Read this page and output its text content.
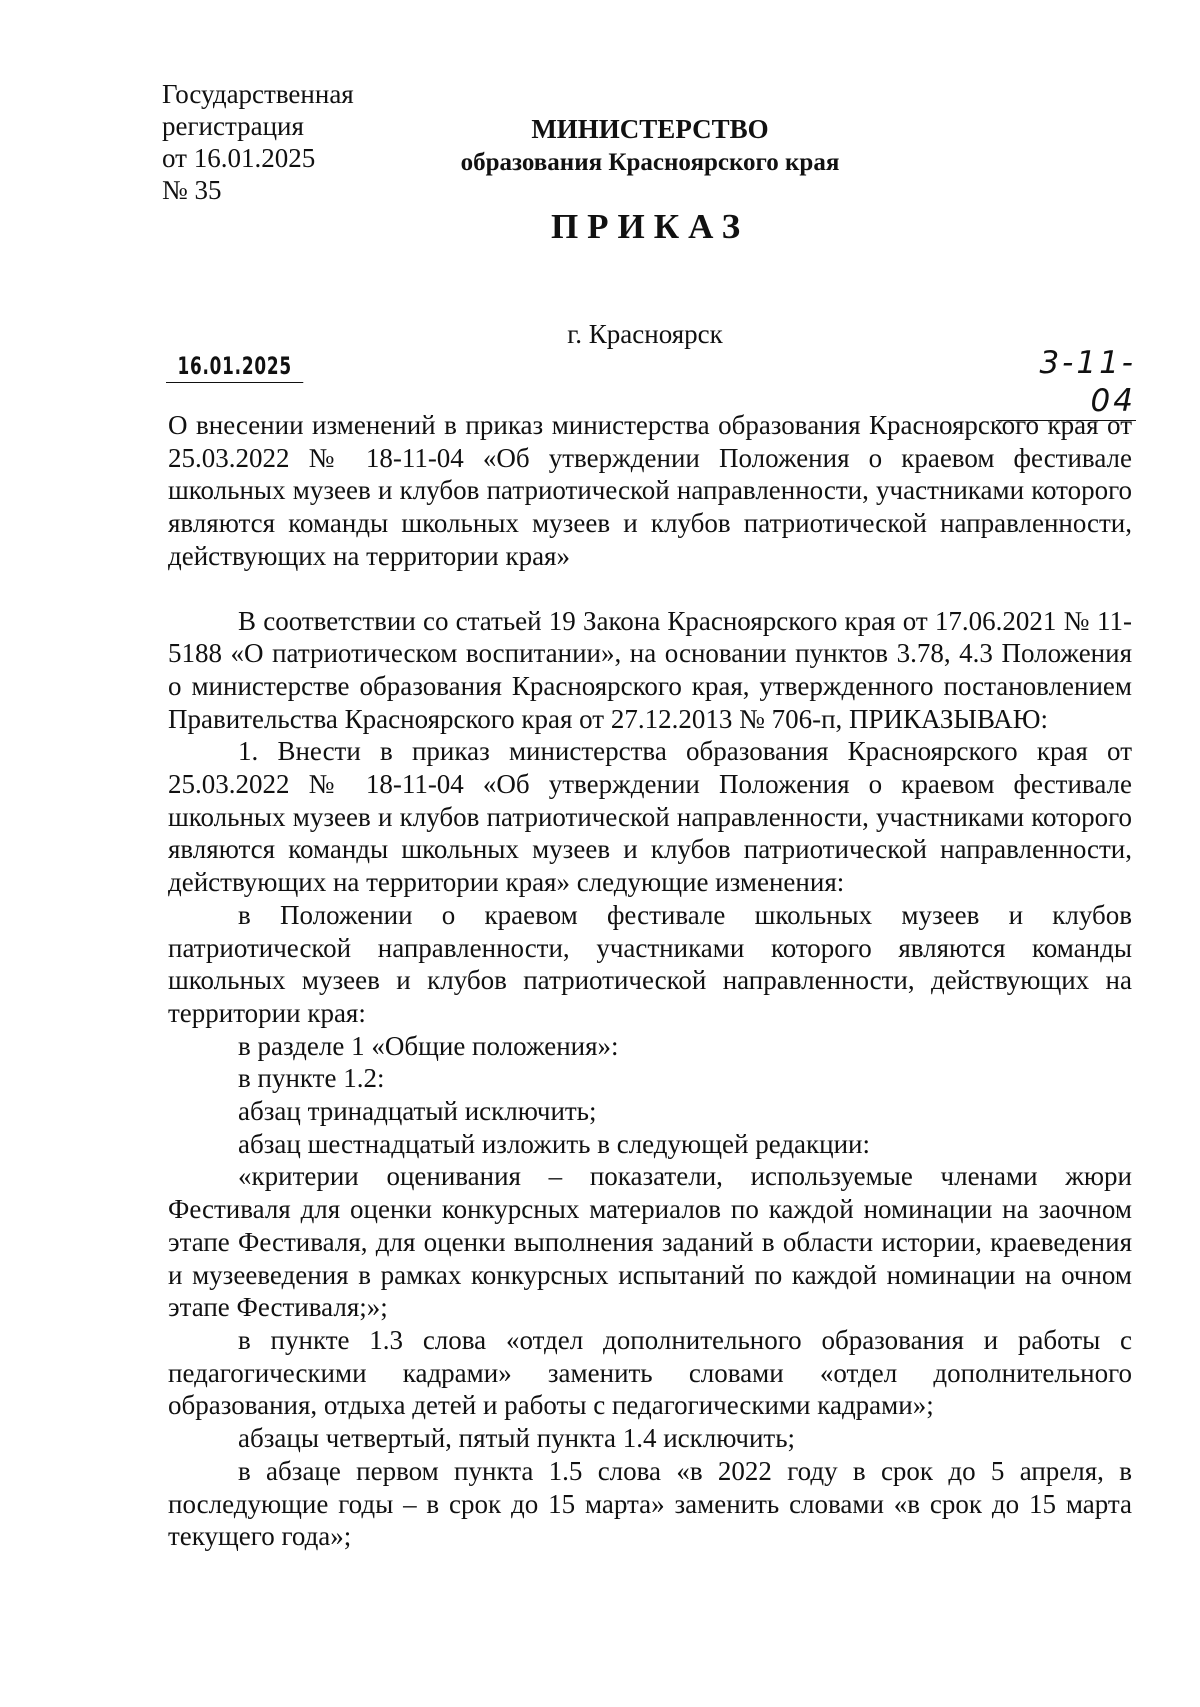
Государственная
регистрация
от 16.01.2025
№ 35
МИНИСТЕРСТВО
образования Красноярского края
ПРИКАЗ
г. Красноярск
16.01.2025	3-11-04

О внесении изменений в приказ министерства образования Красноярского края от 25.03.2022 № 18-11-04 «Об утверждении Положения о краевом фестивале школьных музеев и клубов патриотической направленности, участниками которого являются команды школьных музеев и клубов патриотической направленности, действующих на территории края»

В соответствии со статьей 19 Закона Красноярского края от 17.06.2021 № 11-5188 «О патриотическом воспитании», на основании пунктов 3.78, 4.3 Положения о министерстве образования Красноярского края, утвержденного постановлением Правительства Красноярского края от 27.12.2013 № 706-п, ПРИКАЗЫВАЮ:

1. Внести в приказ министерства образования Красноярского края от 25.03.2022 № 18-11-04 «Об утверждении Положения о краевом фестивале школьных музеев и клубов патриотической направленности, участниками которого являются команды школьных музеев и клубов патриотической направленности, действующих на территории края» следующие изменения:

в Положении о краевом фестивале школьных музеев и клубов патриотической направленности, участниками которого являются команды школьных музеев и клубов патриотической направленности, действующих на территории края:

в разделе 1 «Общие положения»:

в пункте 1.2:

абзац тринадцатый исключить;

абзац шестнадцатый изложить в следующей редакции:

«критерии оценивания – показатели, используемые членами жюри Фестиваля для оценки конкурсных материалов по каждой номинации на заочном этапе Фестиваля, для оценки выполнения заданий в области истории, краеведения и музееведения в рамках конкурсных испытаний по каждой номинации на очном этапе Фестиваля;»;

в пункте 1.3 слова «отдел дополнительного образования и работы с педагогическими кадрами» заменить словами «отдел дополнительного образования, отдыха детей и работы с педагогическими кадрами»;

абзацы четвертый, пятый пункта 1.4 исключить;

в абзаце первом пункта 1.5 слова «в 2022 году в срок до 5 апреля, в последующие годы – в срок до 15 марта» заменить словами «в срок до 15 марта текущего года»;
